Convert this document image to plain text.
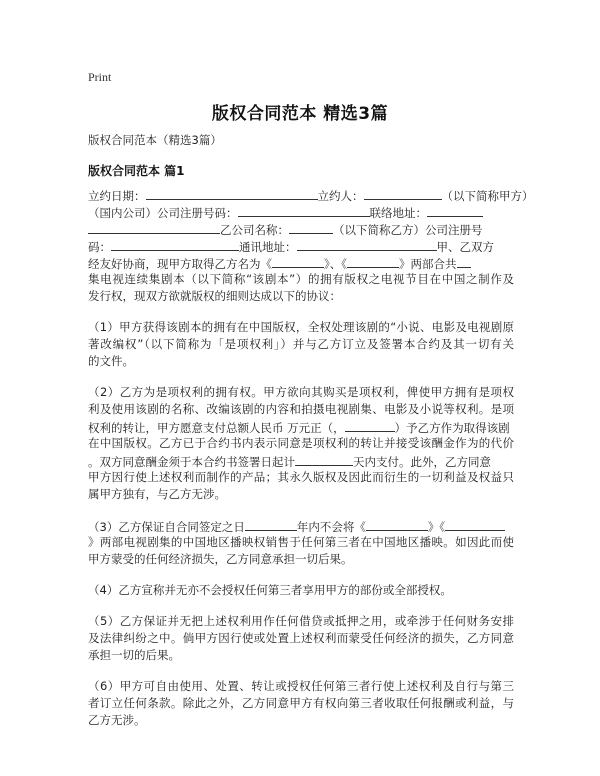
Print
版权合同范本 精选3篇
版权合同范本（精选3篇）
版权合同范本 篇1
立约日期：	立约人：	（以下简称甲方）
（国内公司）公司注册号码：	联络地址：
乙公司名称：	（以下简称乙方）公司注册号
码：	通讯地址：	甲、乙双方
经友好协商，现甲方取得乙方名为《	》、《	》两部合共
集电视连续集剧本（以下简称“该剧本”）的拥有版权之电视节目在中国之制作及
发行权，现双方欲就版权的细则达成以下的协议：
（1）甲方获得该剧本的拥有在中国版权，全权处理该剧的“小说、电影及电视剧原
著改编权”（以下简称为「是项权利」）并与乙方订立及签署本合约及其一切有关
的文件。
（2）乙方为是项权利的拥有权。甲方欲向其购买是项权利，俾使甲方拥有是项权
利及使用该剧的名称、改编该剧的内容和拍摄电视剧集、电影及小说等权利。是项
权利的转让，甲方愿意支付总额人民币 万元正（，	）予乙方作为取得该剧
在中国版权。乙方已于合约书内表示同意是项权利的转让并接受该酬金作为的代价
。双方同意酬金须于本合约书签署日起计	天内支付。此外，乙方同意
甲方因行使上述权利而制作的产品；其永久版权及因此而衍生的一切利益及权益只
属甲方独有，与乙方无涉。
（3）乙方保证自合同签定之日	年内不会将《	》《
》两部电视剧集的中国地区播映权销售于任何第三者在中国地区播映。如因此而使
甲方蒙受的任何经济损失，乙方同意承担一切后果。
（4）乙方宣称并无亦不会授权任何第三者享用甲方的部份或全部授权。
（5）乙方保证并无把上述权利用作任何借贷或抵押之用，或牵涉于任何财务安排
及法律纠纷之中。倘甲方因行使或处置上述权利而蒙受任何经济的损失，乙方同意
承担一切的后果。
（6）甲方可自由使用、处置、转让或授权任何第三者行使上述权利及自行与第三
者订立任何条款。除此之外，乙方同意甲方有权向第三者收取任何报酬或利益，与
乙方无涉。
